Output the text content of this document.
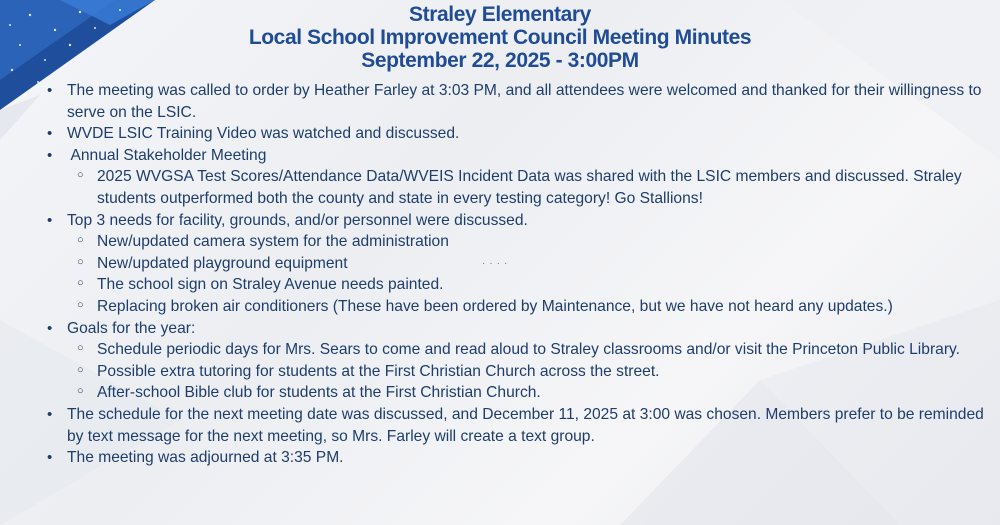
Straley Elementary
Local School Improvement Council Meeting Minutes
September 22, 2025 - 3:00PM
•
The meeting was called to order by Heather Farley at 3:03 PM, and all attendees were welcomed and thanked for their willingness to serve on the LSIC.
•
WVDE LSIC Training Video was watched and discussed.
•
Annual Stakeholder Meeting
○
2025 WVGSA Test Scores/Attendance Data/WVEIS Incident Data was shared with the LSIC members and discussed. Straley students outperformed both the county and state in every testing category! Go Stallions!
•
Top 3 needs for facility, grounds, and/or personnel were discussed.
○
New/updated camera system for the administration
○
New/updated playground equipment
○
The school sign on Straley Avenue needs painted.
○
Replacing broken air conditioners (These have been ordered by Maintenance, but we have not heard any updates.)
•
Goals for the year:
○
Schedule periodic days for Mrs. Sears to come and read aloud to Straley classrooms and/or visit the Princeton Public Library.
○
Possible extra tutoring for students at the First Christian Church across the street.
○
After-school Bible club for students at the First Christian Church.
•
The schedule for the next meeting date was discussed, and December 11, 2025 at 3:00 was chosen. Members prefer to be reminded by text message for the next meeting, so Mrs. Farley will create a text group.
•
The meeting was adjourned at 3:35 PM.
····
